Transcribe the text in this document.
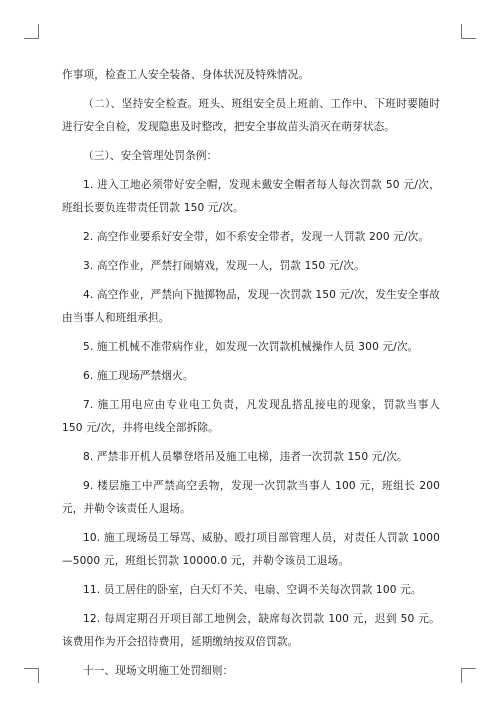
作事项，检查工人安全装备、身体状况及特殊情况。

（二）、坚持安全检查。班头、班组安全员上班前、工作中、下班时要随时进行安全自检，发现隐患及时整改，把安全事故苗头消灭在萌芽状态。

（三）、安全管理处罚条例：

1. 进入工地必须带好安全帽，发现未戴安全帽者每人每次罚款 50 元/次，班组长要负连带责任罚款 150 元/次。

2. 高空作业要系好安全带，如不系安全带者，发现一人罚款 200 元/次。

3. 高空作业，严禁打闹嬉戏，发现一人，罚款 150 元/次。

4. 高空作业，严禁向下抛掷物品，发现一次罚款 150 元/次，发生安全事故由当事人和班组承担。

5. 施工机械不准带病作业，如发现一次罚款机械操作人员 300 元/次。

6. 施工现场严禁烟火。

7. 施工用电应由专业电工负责，凡发现乱搭乱接电的现象，罚款当事人 150 元/次，并将电线全部拆除。

8. 严禁非开机人员攀登塔吊及施工电梯，违者一次罚款 150 元/次。

9. 楼层施工中严禁高空丢物，发现一次罚款当事人 100 元，班组长 200 元，并勒令该责任人退场。

10. 施工现场员工辱骂、威胁、殴打项目部管理人员，对责任人罚款 1000—5000 元，班组长罚款 10000.0 元，并勒令该员工退场。

11. 员工居住的卧室，白天灯不关、电扇、空调不关每次罚款 100 元。

12. 每周定期召开项目部工地例会，缺席每次罚款 100 元，迟到 50 元。该费用作为开会招待费用，延期缴纳按双倍罚款。

十一、现场文明施工处罚细则：
